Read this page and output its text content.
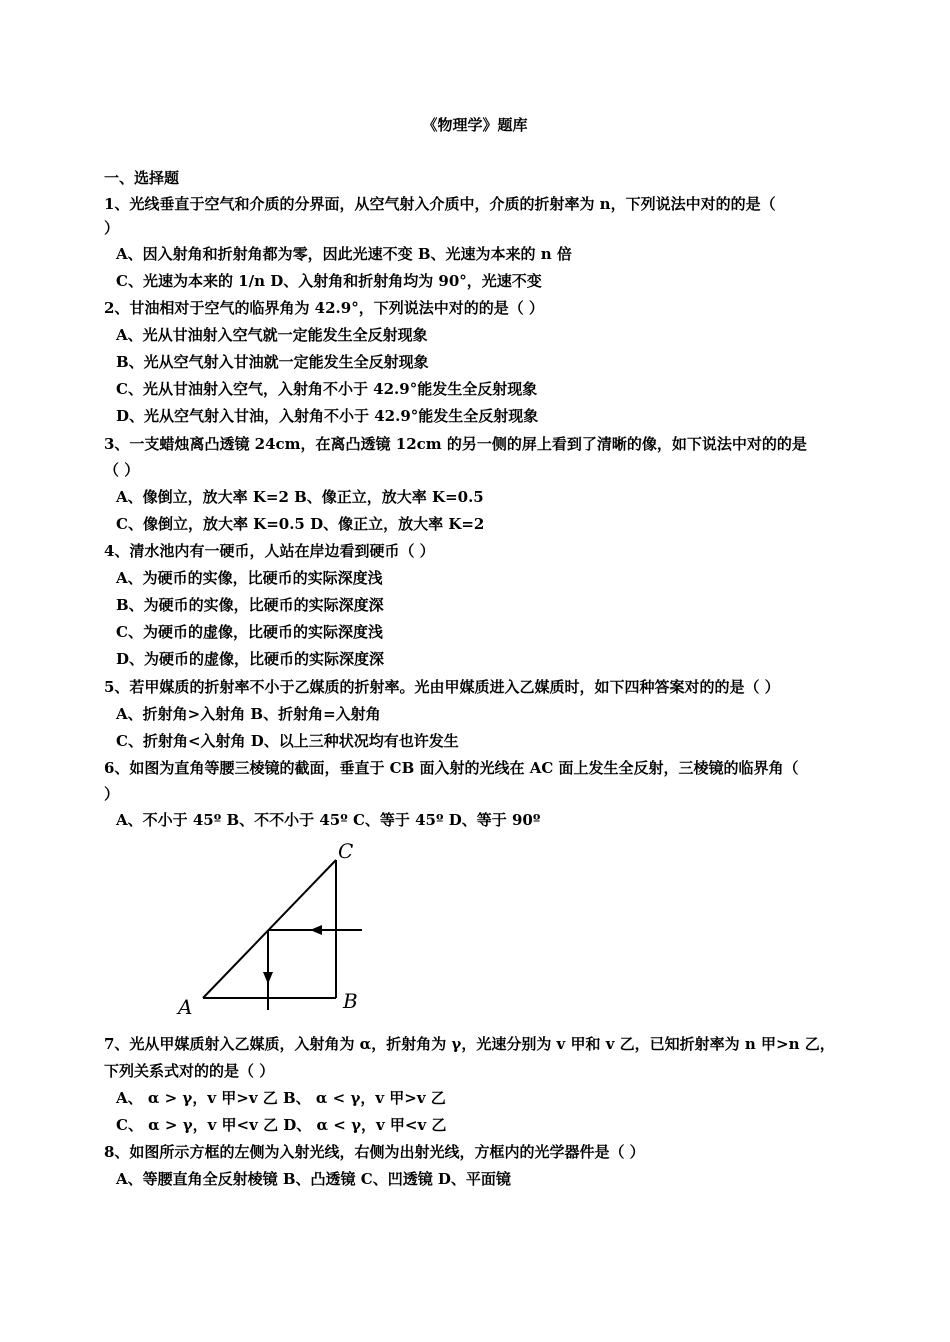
《物理学》题库
一、选择题
1、光线垂直于空气和介质的分界面，从空气射入介质中，介质的折射率为 n，下列说法中对的的是（
）
A、因入射角和折射角都为零，因此光速不变 B、光速为本来的 n 倍
C、光速为本来的 1/n D、入射角和折射角均为 90°，光速不变
2、甘油相对于空气的临界角为 42.9°，下列说法中对的的是（ ）
A、光从甘油射入空气就一定能发生全反射现象
B、光从空气射入甘油就一定能发生全反射现象
C、光从甘油射入空气，入射角不小于 42.9°能发生全反射现象
D、光从空气射入甘油，入射角不小于 42.9°能发生全反射现象
3、一支蜡烛离凸透镜 24cm，在离凸透镜 12cm 的另一侧的屏上看到了清晰的像，如下说法中对的的是
（ ）
A、像倒立，放大率 K=2 B、像正立，放大率 K=0.5
C、像倒立，放大率 K=0.5 D、像正立，放大率 K=2
4、清水池内有一硬币，人站在岸边看到硬币（ ）
A、为硬币的实像，比硬币的实际深度浅
B、为硬币的实像，比硬币的实际深度深
C、为硬币的虚像，比硬币的实际深度浅
D、为硬币的虚像，比硬币的实际深度深
5、若甲媒质的折射率不小于乙媒质的折射率。光由甲媒质进入乙媒质时，如下四种答案对的的是（ ）
A、折射角>入射角 B、折射角=入射角
C、折射角<入射角 D、以上三种状况均有也许发生
6、如图为直角等腰三棱镜的截面，垂直于 CB 面入射的光线在 AC 面上发生全反射，三棱镜的临界角（
）
A、不小于 45º B、不不小于 45º C、等于 45º D、等于 90º
A	B
C
7、光从甲媒质射入乙媒质，入射角为 α，折射角为 γ，光速分别为 v 甲和 v 乙，已知折射率为 n 甲>n 乙，
下列关系式对的的是（ ）
A、 α > γ，v 甲>v 乙 B、 α < γ，v 甲>v 乙
C、 α > γ，v 甲<v 乙 D、 α < γ，v 甲<v 乙
8、如图所示方框的左侧为入射光线，右侧为出射光线，方框内的光学器件是（ ）
A、等腰直角全反射棱镜 B、凸透镜 C、凹透镜 D、平面镜
